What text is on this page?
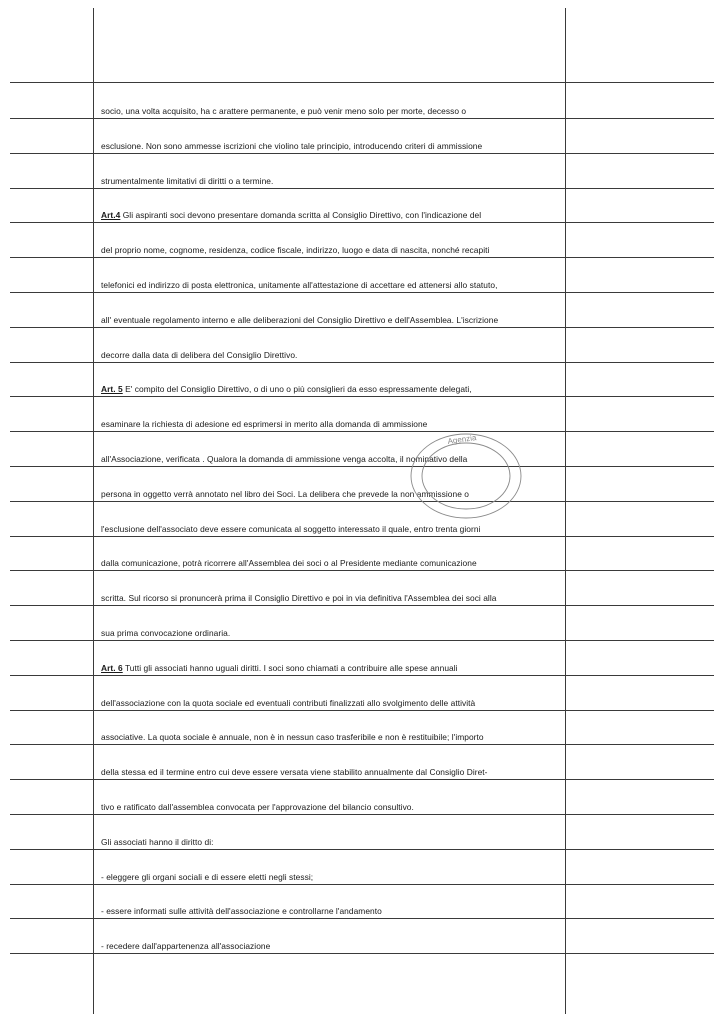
socio, una volta acquisito, ha c arattere permanente, e può venir meno solo per morte, decesso o
esclusione. Non sono ammesse iscrizioni che violino tale principio, introducendo criteri di ammissione
strumentalmente limitativi di diritti o a termine.
Art.4 Gli aspiranti soci devono presentare domanda scritta al Consiglio Direttivo, con l'indicazione del
del proprio nome, cognome, residenza, codice fiscale, indirizzo, luogo e data di nascita, nonché recapiti
telefonici ed indirizzo di posta elettronica, unitamente all'attestazione di accettare ed attenersi allo statuto,
all' eventuale regolamento interno e alle deliberazioni del Consiglio Direttivo e dell'Assemblea. L'iscrizione
decorre dalla data di delibera del Consiglio Direttivo.
Art. 5 E' compito del Consiglio Direttivo, o di uno o più consiglieri da esso espressamente delegati,
esaminare la richiesta di adesione ed esprimersi in merito alla domanda di ammissione
all'Associazione, verificata . Qualora la domanda di ammissione venga accolta, il nominativo della
persona in oggetto verrà annotato nel libro dei Soci. La delibera che prevede la non ammissione o
l'esclusione dell'associato deve essere comunicata al soggetto interessato il quale, entro trenta giorni
dalla comunicazione, potrà ricorrere all'Assemblea dei soci o al Presidente mediante comunicazione
scritta. Sul ricorso si pronuncerà prima il Consiglio Direttivo e poi in via definitiva l'Assemblea dei soci alla
sua prima convocazione ordinaria.
Art. 6 Tutti gli associati hanno uguali diritti. I soci sono chiamati a contribuire alle spese annuali
dell'associazione con la quota sociale ed eventuali contributi finalizzati allo svolgimento delle attività
associative. La quota sociale è annuale, non è in nessun caso trasferibile e non è restituibile; l'importo
della stessa ed il termine entro cui deve essere versata viene stabilito annualmente dal Consiglio Diret-
tivo e ratificato dall'assemblea convocata per l'approvazione del bilancio consultivo.
Gli associati hanno il diritto di:
- eleggere gli organi sociali e di essere eletti negli stessi;
- essere informati sulle attività dell'associazione e controllarne l'andamento
- recedere dall'appartenenza all'associazione
Agenzia
